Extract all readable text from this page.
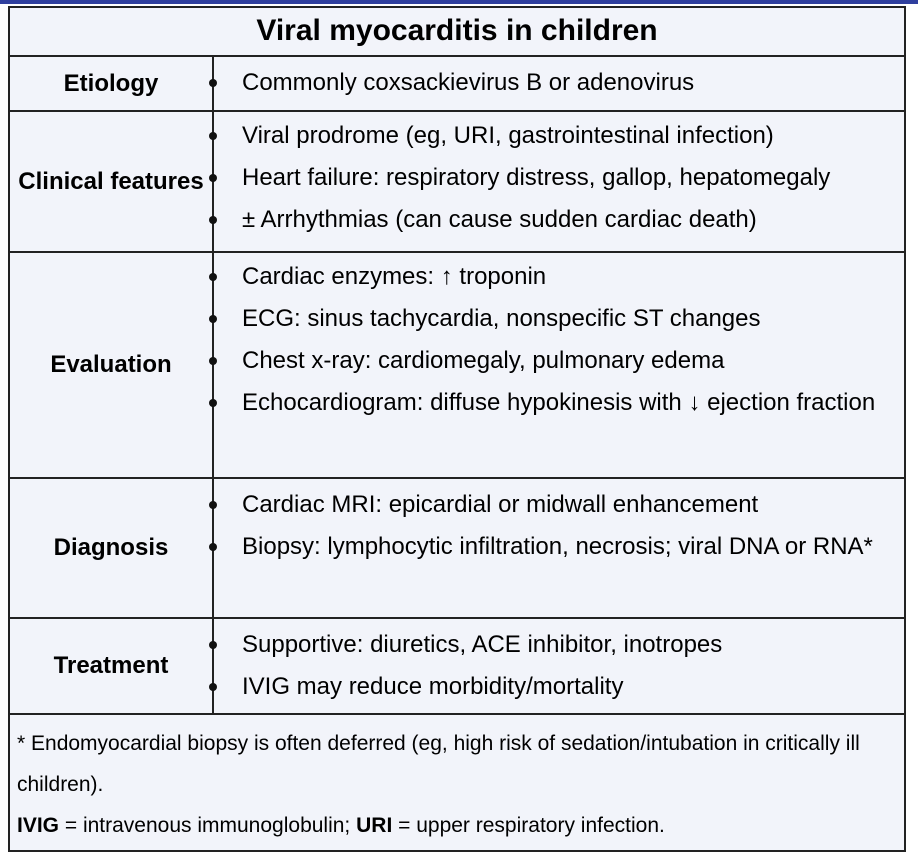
Viral myocarditis in children
Etiology	Commonly coxsackievirus B or adenovirus
Clinical features
Viral prodrome (eg, URI, gastrointestinal infection)
Heart failure: respiratory distress, gallop, hepatomegaly
± Arrhythmias (can cause sudden cardiac death)
Evaluation
Cardiac enzymes: ↑ troponin
ECG: sinus tachycardia, nonspecific ST changes
Chest x-ray: cardiomegaly, pulmonary edema
Echocardiogram: diffuse hypokinesis with ↓ ejection fraction
Diagnosis
Cardiac MRI: epicardial or midwall enhancement
Biopsy: lymphocytic infiltration, necrosis; viral DNA or RNA*
Treatment
Supportive: diuretics, ACE inhibitor, inotropes
IVIG may reduce morbidity/mortality
* Endomyocardial biopsy is often deferred (eg, high risk of sedation/intubation in critically ill children).
IVIG = intravenous immunoglobulin; URI = upper respiratory infection.
